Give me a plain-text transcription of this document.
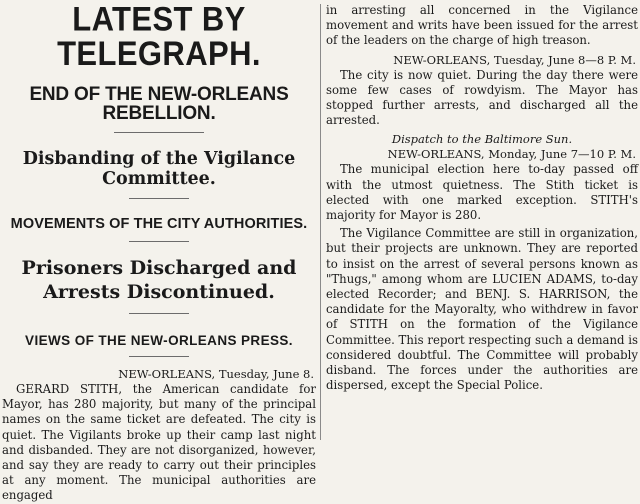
LATEST BY TELEGRAPH.
END OF THE NEW-ORLEANS REBELLION.
Disbanding of the Vigilance Committee.
MOVEMENTS OF THE CITY AUTHORITIES.
Prisoners Discharged and Arrests Discontinued.
VIEWS OF THE NEW-ORLEANS PRESS.
NEW-ORLEANS, Tuesday, June 8.

GERARD STITH, the American candidate for Mayor, has 280 majority, but many of the principal names on the same ticket are defeated. The city is quiet. The Vigilants broke up their camp last night and disbanded. They are not disorganized, however, and say they are ready to carry out their principles at any moment. The municipal authorities are engaged

in arresting all concerned in the Vigilance movement and writs have been issued for the arrest of the leaders on the charge of high treason.

NEW-ORLEANS, Tuesday, June 8—8 P. M.

The city is now quiet. During the day there were some few cases of rowdyism. The Mayor has stopped further arrests, and discharged all the arrested.

Dispatch to the Baltimore Sun.
NEW-ORLEANS, Monday, June 7—10 P. M.

The municipal election here to-day passed off with the utmost quietness. The Stith ticket is elected with one marked exception. STITH's majority for Mayor is 280.

The Vigilance Committee are still in organization, but their projects are unknown. They are reported to insist on the arrest of several persons known as "Thugs," among whom are LUCIEN ADAMS, to-day elected Recorder; and BENJ. S. HARRISON, the candidate for the Mayoralty, who withdrew in favor of STITH on the formation of the Vigilance Committee. This report respecting such a demand is considered doubtful. The Committee will probably disband. The forces under the authorities are dispersed, except the Special Police.
